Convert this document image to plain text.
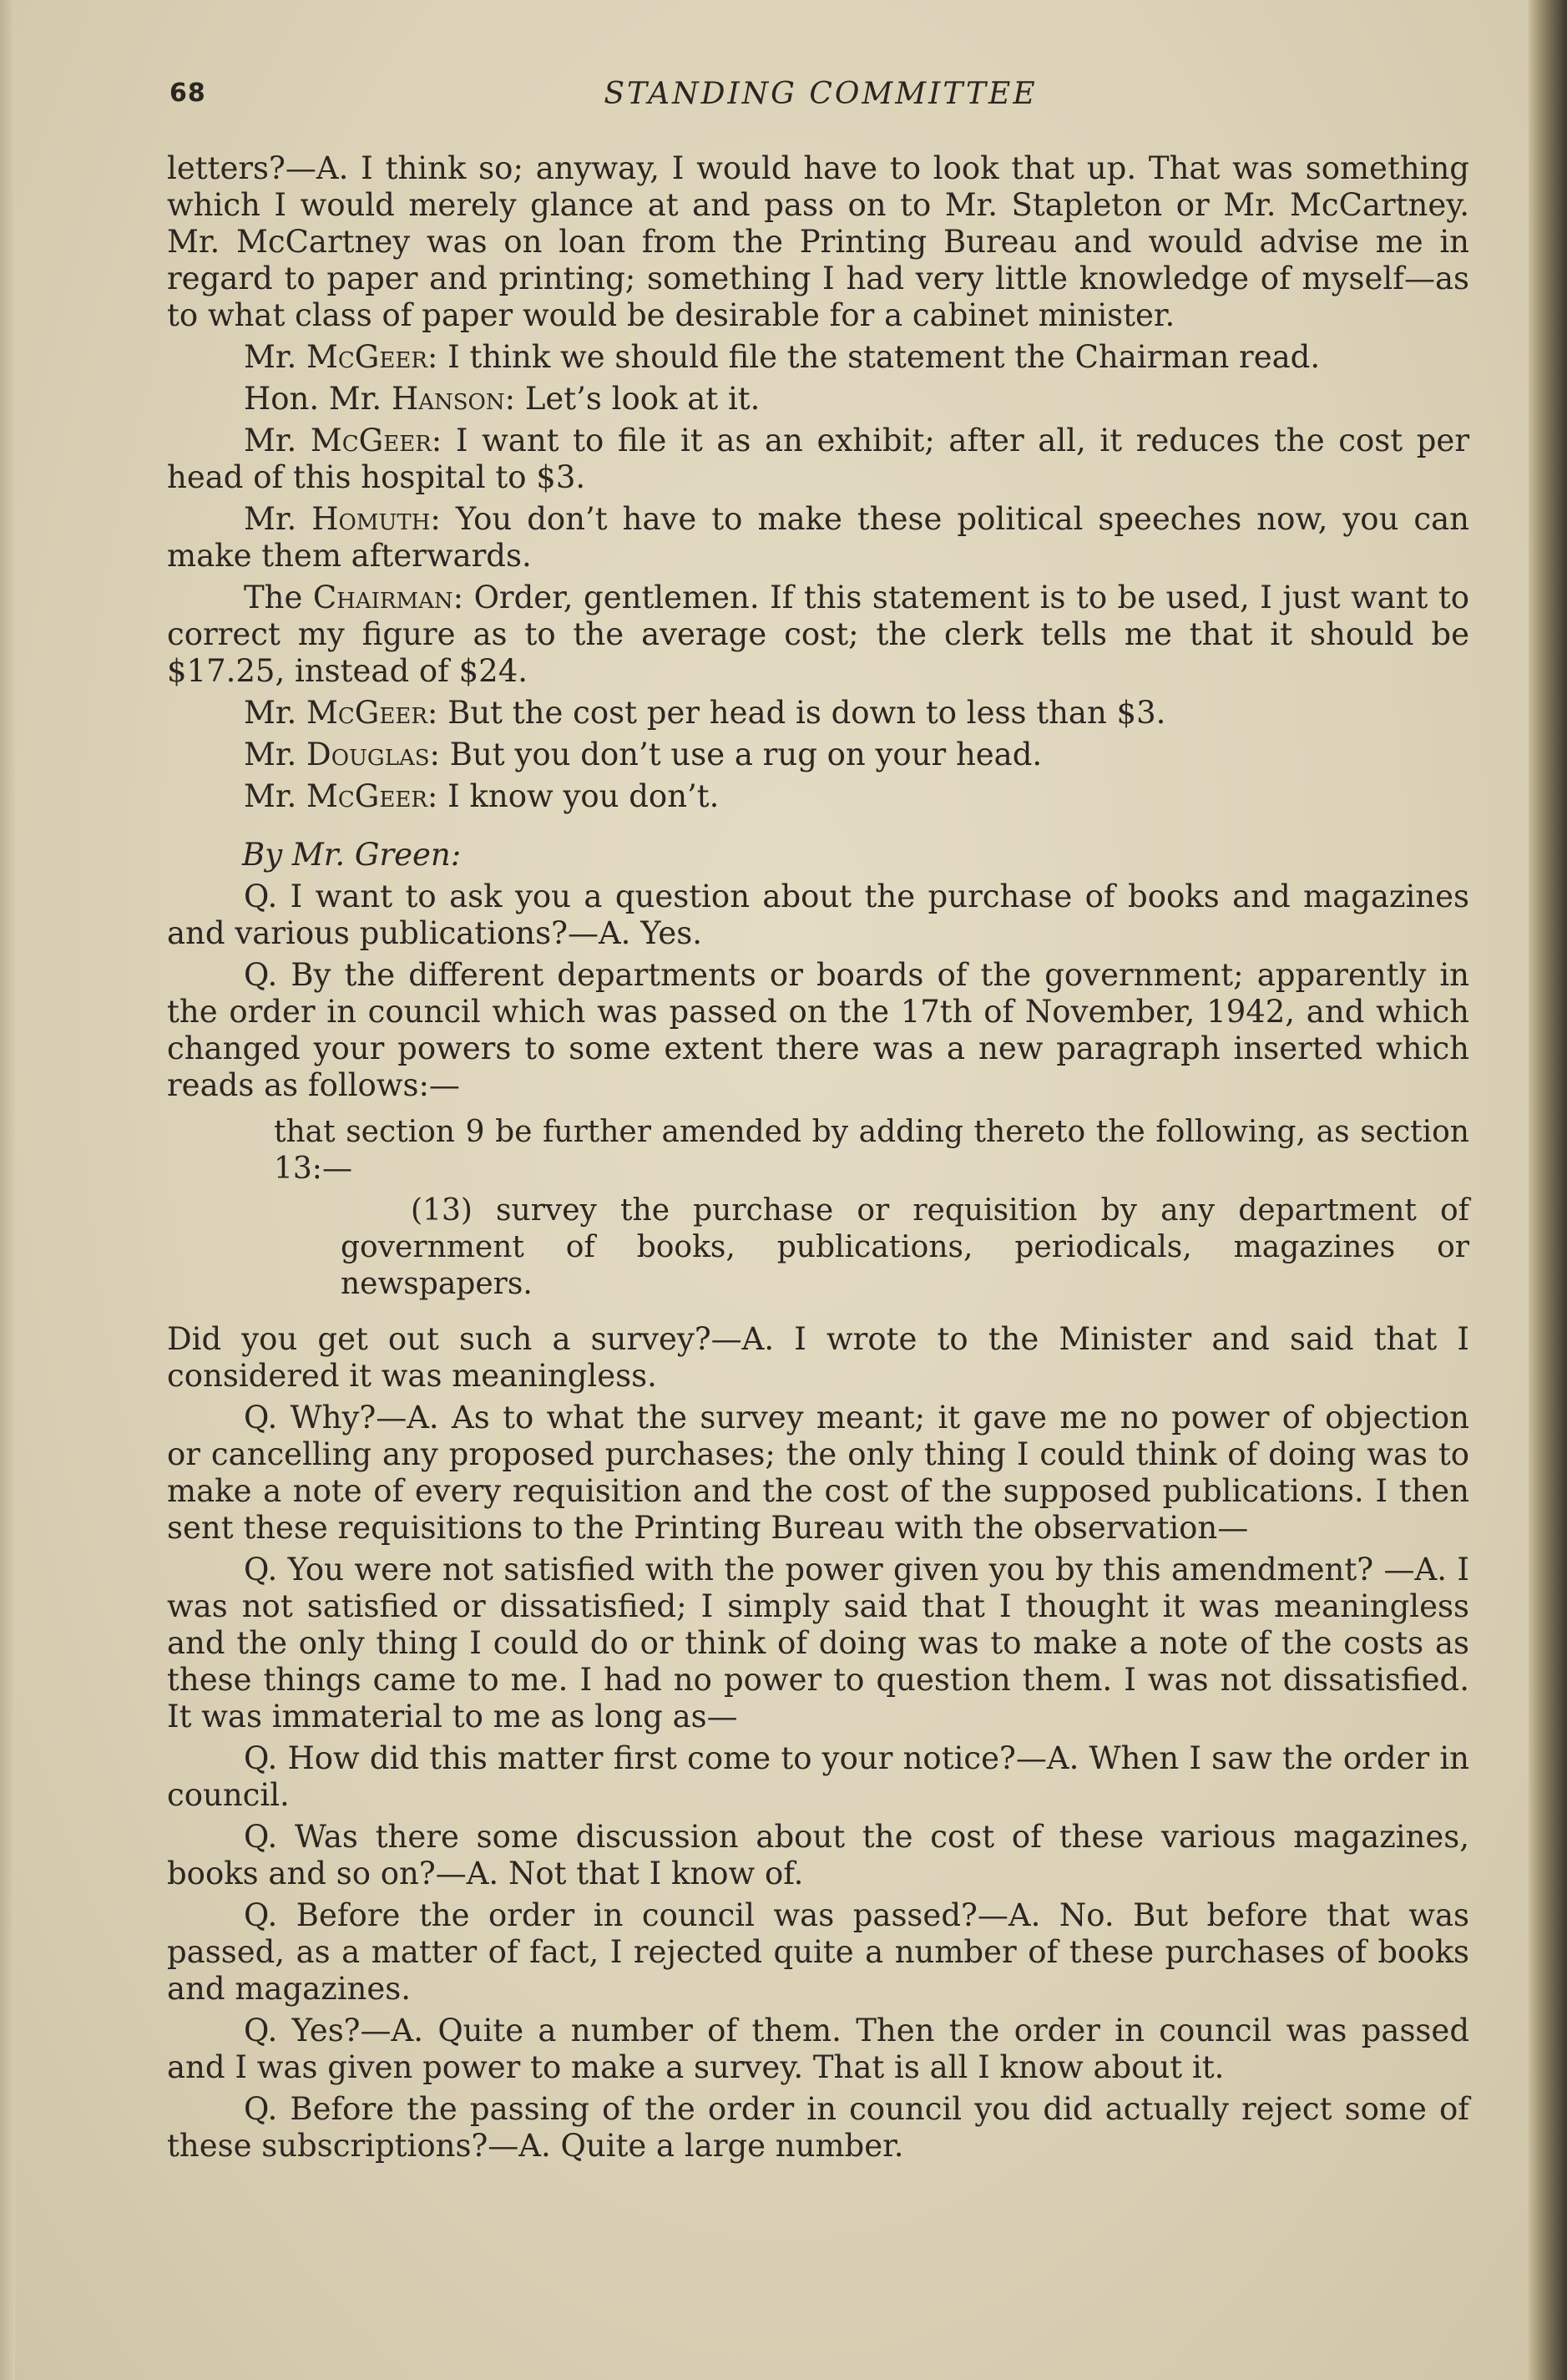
68	STANDING COMMITTEE

letters?—A. I think so; anyway, I would have to look that up. That was something which I would merely glance at and pass on to Mr. Stapleton or Mr. McCartney. Mr. McCartney was on loan from the Printing Bureau and would advise me in regard to paper and printing; something I had very little knowledge of myself—as to what class of paper would be desirable for a cabinet minister.

Mr. McGeer: I think we should file the statement the Chairman read.

Hon. Mr. Hanson: Let’s look at it.

Mr. McGeer: I want to file it as an exhibit; after all, it reduces the cost per head of this hospital to $3.

Mr. Homuth: You don’t have to make these political speeches now, you can make them afterwards.

The Chairman: Order, gentlemen. If this statement is to be used, I just want to correct my figure as to the average cost; the clerk tells me that it should be $17.25, instead of $24.

Mr. McGeer: But the cost per head is down to less than $3.

Mr. Douglas: But you don’t use a rug on your head.

Mr. McGeer: I know you don’t.

By Mr. Green:

Q. I want to ask you a question about the purchase of books and magazines and various publications?—A. Yes.

Q. By the different departments or boards of the government; apparently in the order in council which was passed on the 17th of November, 1942, and which changed your powers to some extent there was a new paragraph inserted which reads as follows:—

that section 9 be further amended by adding thereto the following, as section 13:—

(13) survey the purchase or requisition by any department of government of books, publications, periodicals, magazines or newspapers.

Did you get out such a survey?—A. I wrote to the Minister and said that I considered it was meaningless.

Q. Why?—A. As to what the survey meant; it gave me no power of objection or cancelling any proposed purchases; the only thing I could think of doing was to make a note of every requisition and the cost of the supposed publications. I then sent these requisitions to the Printing Bureau with the observation—

Q. You were not satisfied with the power given you by this amendment? —A. I was not satisfied or dissatisfied; I simply said that I thought it was meaningless and the only thing I could do or think of doing was to make a note of the costs as these things came to me. I had no power to question them. I was not dissatisfied. It was immaterial to me as long as—

Q. How did this matter first come to your notice?—A. When I saw the order in council.

Q. Was there some discussion about the cost of these various magazines, books and so on?—A. Not that I know of.

Q. Before the order in council was passed?—A. No. But before that was passed, as a matter of fact, I rejected quite a number of these purchases of books and magazines.

Q. Yes?—A. Quite a number of them. Then the order in council was passed and I was given power to make a survey. That is all I know about it.

Q. Before the passing of the order in council you did actually reject some of these subscriptions?—A. Quite a large number.
